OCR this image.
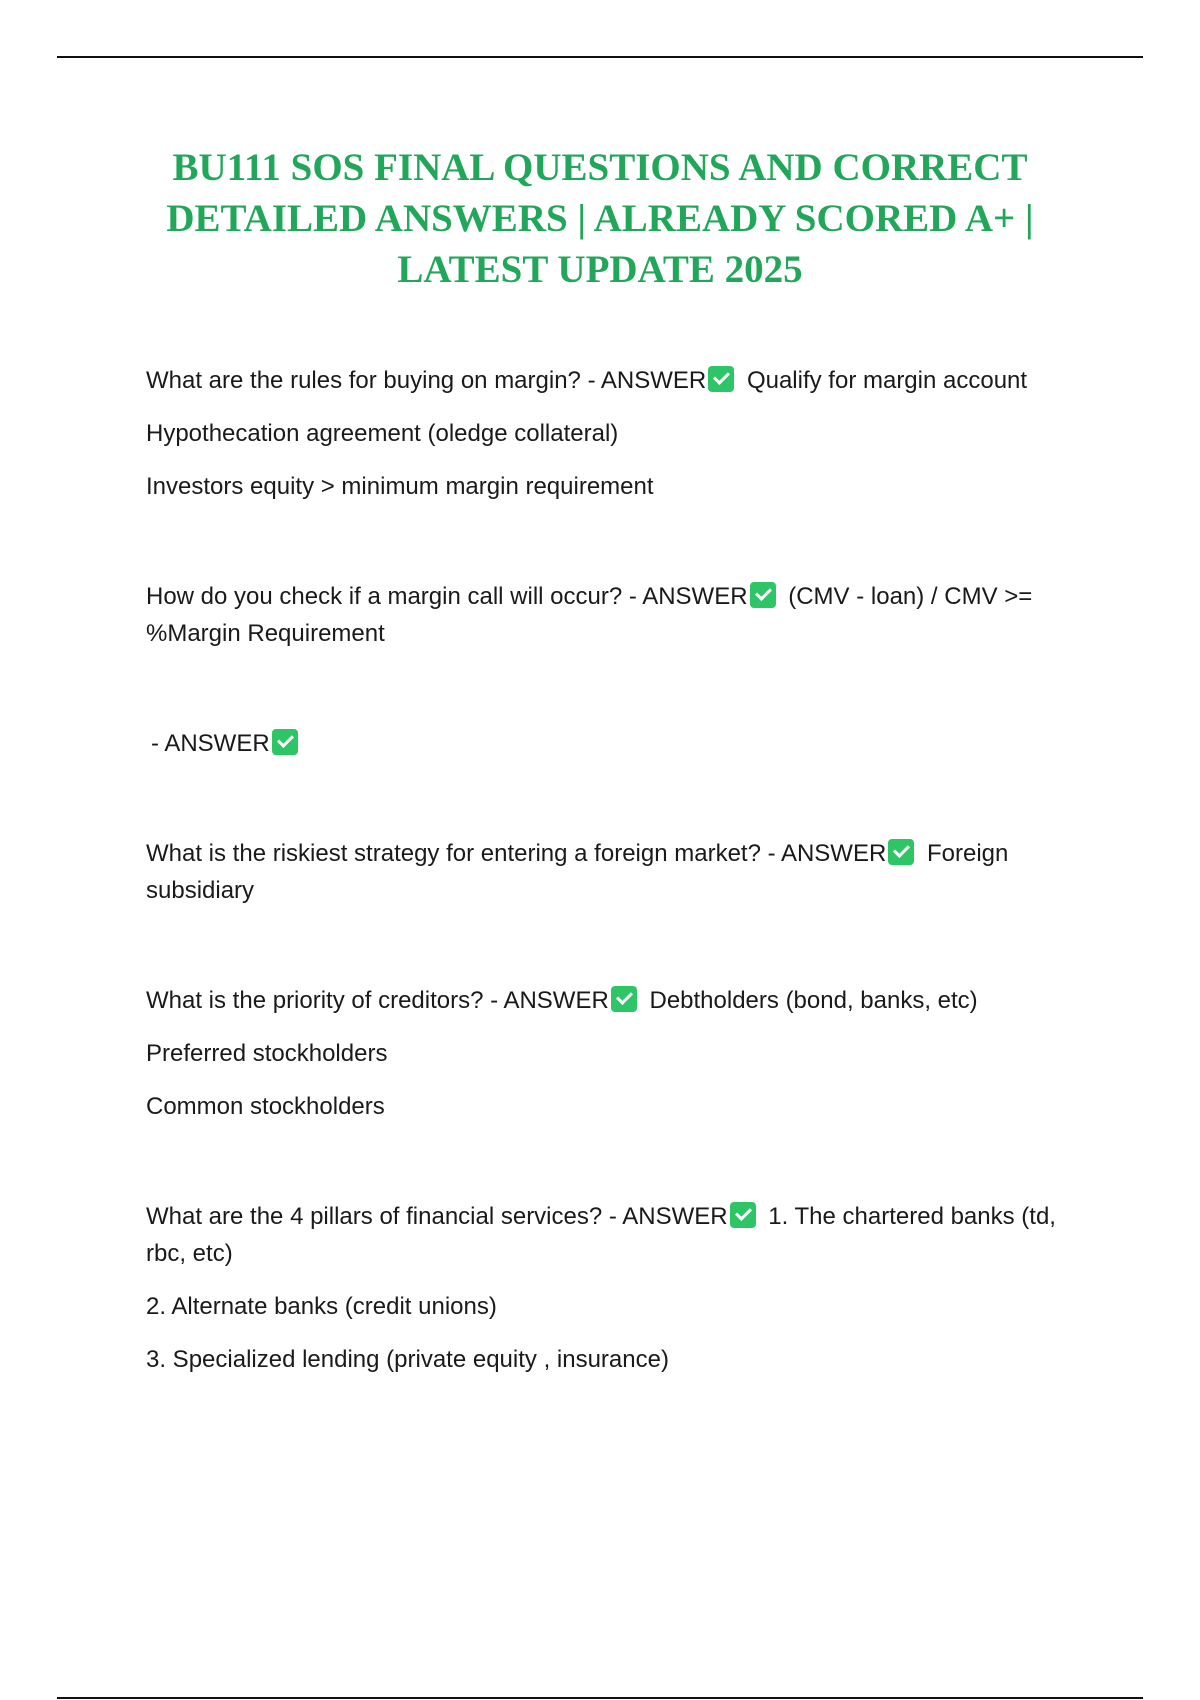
BU111 SOS FINAL QUESTIONS AND CORRECT DETAILED ANSWERS | ALREADY SCORED A+ | LATEST UPDATE 2025

What are the rules for buying on margin? - ANSWER Qualify for margin account

Hypothecation agreement (oledge collateral)

Investors equity > minimum margin requirement

How do you check if a margin call will occur? - ANSWER (CMV - loan) / CMV >= %Margin Requirement

- ANSWER

What is the riskiest strategy for entering a foreign market? - ANSWER Foreign subsidiary

What is the priority of creditors? - ANSWER Debtholders (bond, banks, etc)

Preferred stockholders

Common stockholders

What are the 4 pillars of financial services? - ANSWER 1. The chartered banks (td, rbc, etc)

2. Alternate banks (credit unions)

3. Specialized lending (private equity , insurance)
